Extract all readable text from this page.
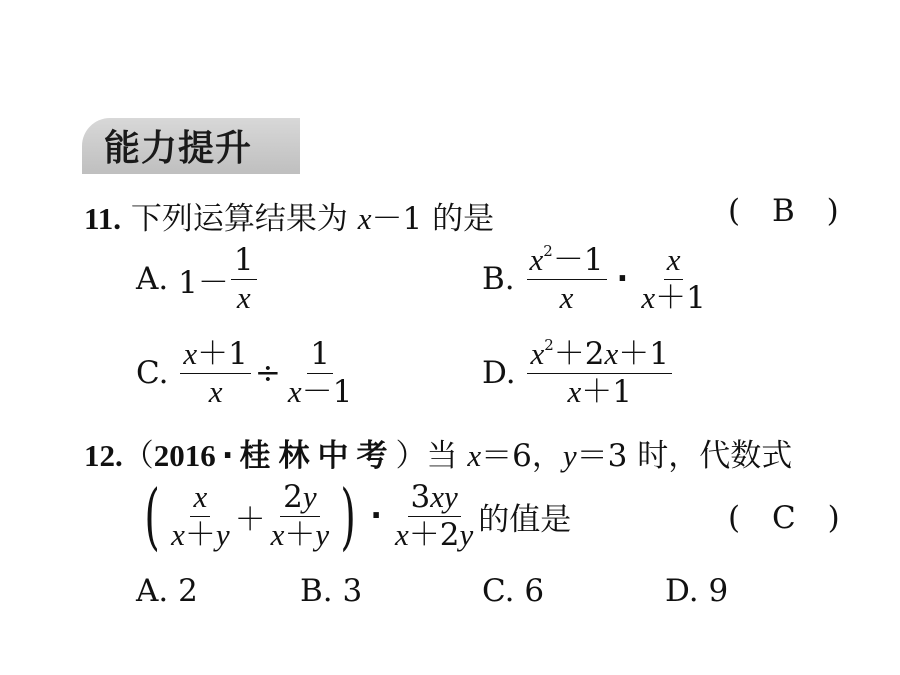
能力提升
11. 下列运算结果为 x－1 的是	( B )
A.
$1- \frac{1}{x}$	B.
$\frac{x^2-1}{x} \cdot \frac{x}{x+1}$
C.
$\frac{x+1}{x} \div \frac{1}{x-1}$	D.
$\frac{x^2+2x+1}{x+1}$
12.（2016 · 桂林中考）当 x＝6，y＝3 时，代数式
( $\frac{x}{x+y} + \frac{2y}{x+y}$ ) · $\frac{3xy}{x+2y}$ 的值是	( C )
A. 2	B. 3	C. 6	D. 9
